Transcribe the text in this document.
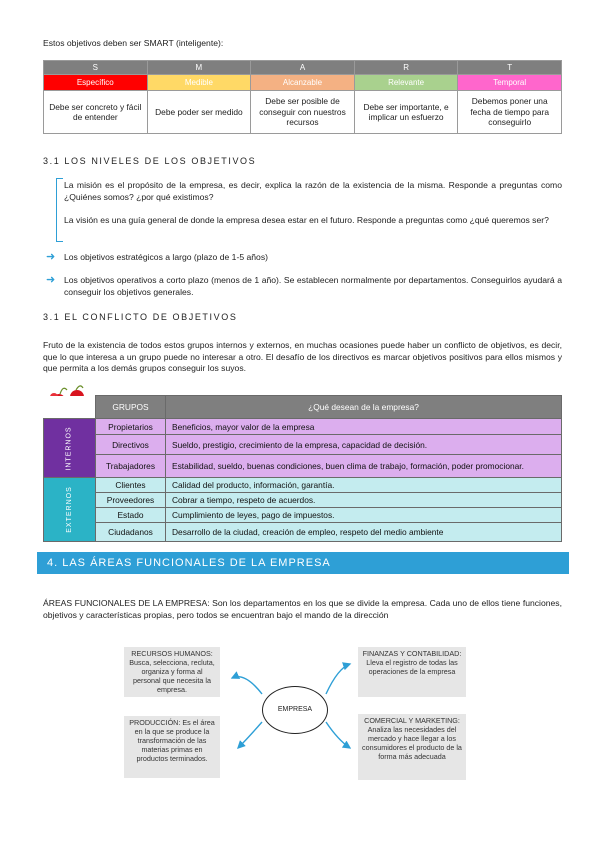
Estos objetivos deben ser SMART (inteligente):
S	M	A	R	T
Específico	Medible	Alcanzable	Relevante	Temporal
Debe ser concreto y fácil de entender	Debe poder ser medido	Debe ser posible de conseguir con nuestros recursos	Debe ser importante, e implicar un esfuerzo	Debemos poner una fecha de tiempo para conseguirlo
3.1 LOS NIVELES DE LOS OBJETIVOS
La misión es el propósito de la empresa, es decir, explica la razón de la existencia de la misma. Responde a preguntas como ¿Quiénes somos? ¿por qué existimos?
La visión es una guía general de donde la empresa desea estar en el futuro. Responde a preguntas como ¿qué queremos ser?
➜ Los objetivos estratégicos a largo (plazo de 1-5 años)
➜ Los objetivos operativos a corto plazo (menos de 1 año). Se establecen normalmente por departamentos. Conseguirlos ayudará a conseguir los objetivos generales.
3.1 EL CONFLICTO DE OBJETIVOS
Fruto de la existencia de todos estos grupos internos y externos, en muchas ocasiones puede haber un conflicto de objetivos, es decir, que lo que interesa a un grupo puede no interesar a otro. El desafío de los directivos es marcar objetivos positivos para ellos mismos y que permita a los demás grupos conseguir los suyos.
	GRUPOS	¿Qué desean de la empresa?
INTERNOS	Propietarios	Beneficios, mayor valor de la empresa
	Directivos	Sueldo, prestigio, crecimiento de la empresa, capacidad de decisión.
	Trabajadores	Estabilidad, sueldo, buenas condiciones, buen clima de trabajo, formación, poder promocionar.
EXTERNOS	Clientes	Calidad del producto, información, garantía.
	Proveedores	Cobrar a tiempo, respeto de acuerdos.
	Estado	Cumplimiento de leyes, pago de impuestos.
	Ciudadanos	Desarrollo de la ciudad, creación de empleo, respeto del medio ambiente
4. LAS ÁREAS FUNCIONALES DE LA EMPRESA
ÁREAS FUNCIONALES DE LA EMPRESA: Son los departamentos en los que se divide la empresa. Cada uno de ellos tiene funciones, objetivos y características propias, pero todos se encuentran bajo el mando de la dirección
RECURSOS HUMANOS: Busca, selecciona, recluta, organiza y forma al personal que necesita la empresa.
FINANZAS Y CONTABILIDAD: Lleva el registro de todas las operaciones de la empresa
PRODUCCIÓN: Es el área en la que se produce la transformación de las materias primas en productos terminados.
COMERCIAL Y MARKETING: Analiza las necesidades del mercado y hace llegar a los consumidores el producto de la forma más adecuada
EMPRESA
